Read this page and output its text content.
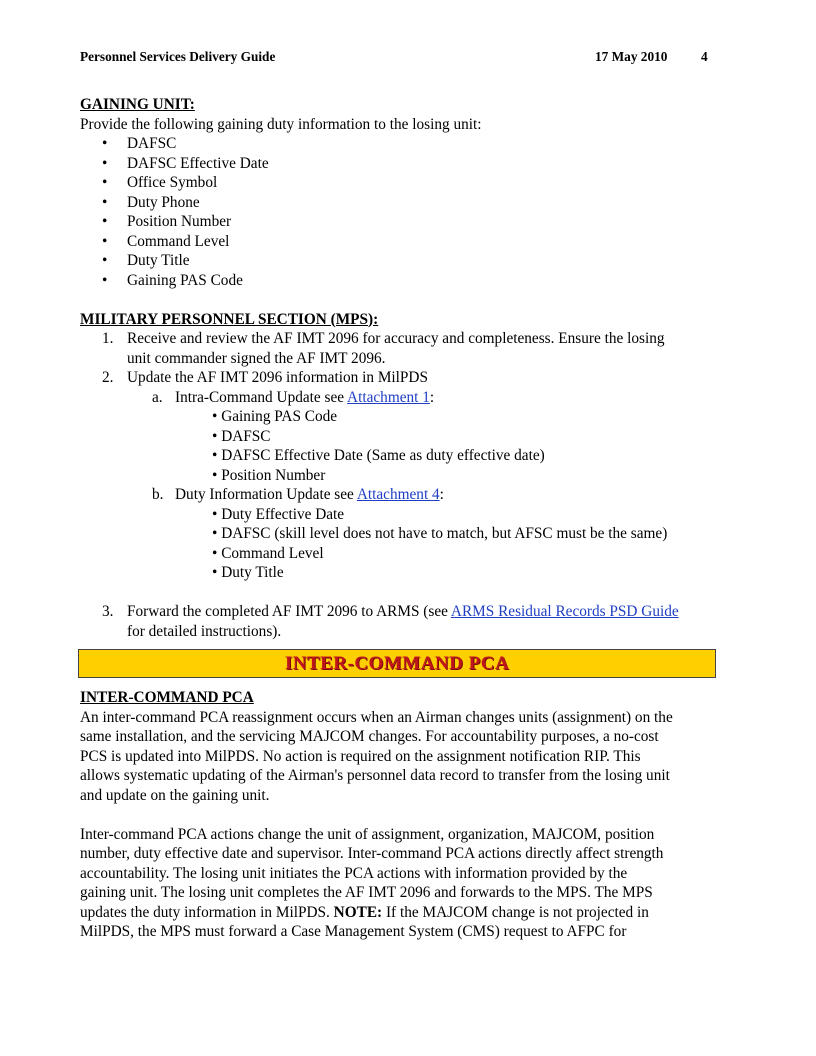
Personnel Services Delivery Guide	17 May 2010	4
GAINING UNIT:
Provide the following gaining duty information to the losing unit:
• DAFSC
• DAFSC Effective Date
• Office Symbol
• Duty Phone
• Position Number
• Command Level
• Duty Title
• Gaining PAS Code
MILITARY PERSONNEL SECTION (MPS):
1. Receive and review the AF IMT 2096 for accuracy and completeness. Ensure the losing
unit commander signed the AF IMT 2096.
2. Update the AF IMT 2096 information in MilPDS
a. Intra-Command Update see Attachment 1:
• Gaining PAS Code
• DAFSC
• DAFSC Effective Date (Same as duty effective date)
• Position Number
b. Duty Information Update see Attachment 4:
• Duty Effective Date
• DAFSC (skill level does not have to match, but AFSC must be the same)
• Command Level
• Duty Title
3. Forward the completed AF IMT 2096 to ARMS (see ARMS Residual Records PSD Guide
for detailed instructions).
INTER-COMMAND PCA
INTER-COMMAND PCA

An inter-command PCA reassignment occurs when an Airman changes units (assignment) on the
same installation, and the servicing MAJCOM changes. For accountability purposes, a no-cost
PCS is updated into MilPDS. No action is required on the assignment notification RIP. This
allows systematic updating of the Airman's personnel data record to transfer from the losing unit
and update on the gaining unit.

Inter-command PCA actions change the unit of assignment, organization, MAJCOM, position
number, duty effective date and supervisor. Inter-command PCA actions directly affect strength
accountability. The losing unit initiates the PCA actions with information provided by the
gaining unit. The losing unit completes the AF IMT 2096 and forwards to the MPS. The MPS
updates the duty information in MilPDS. NOTE: If the MAJCOM change is not projected in
MilPDS, the MPS must forward a Case Management System (CMS) request to AFPC for
